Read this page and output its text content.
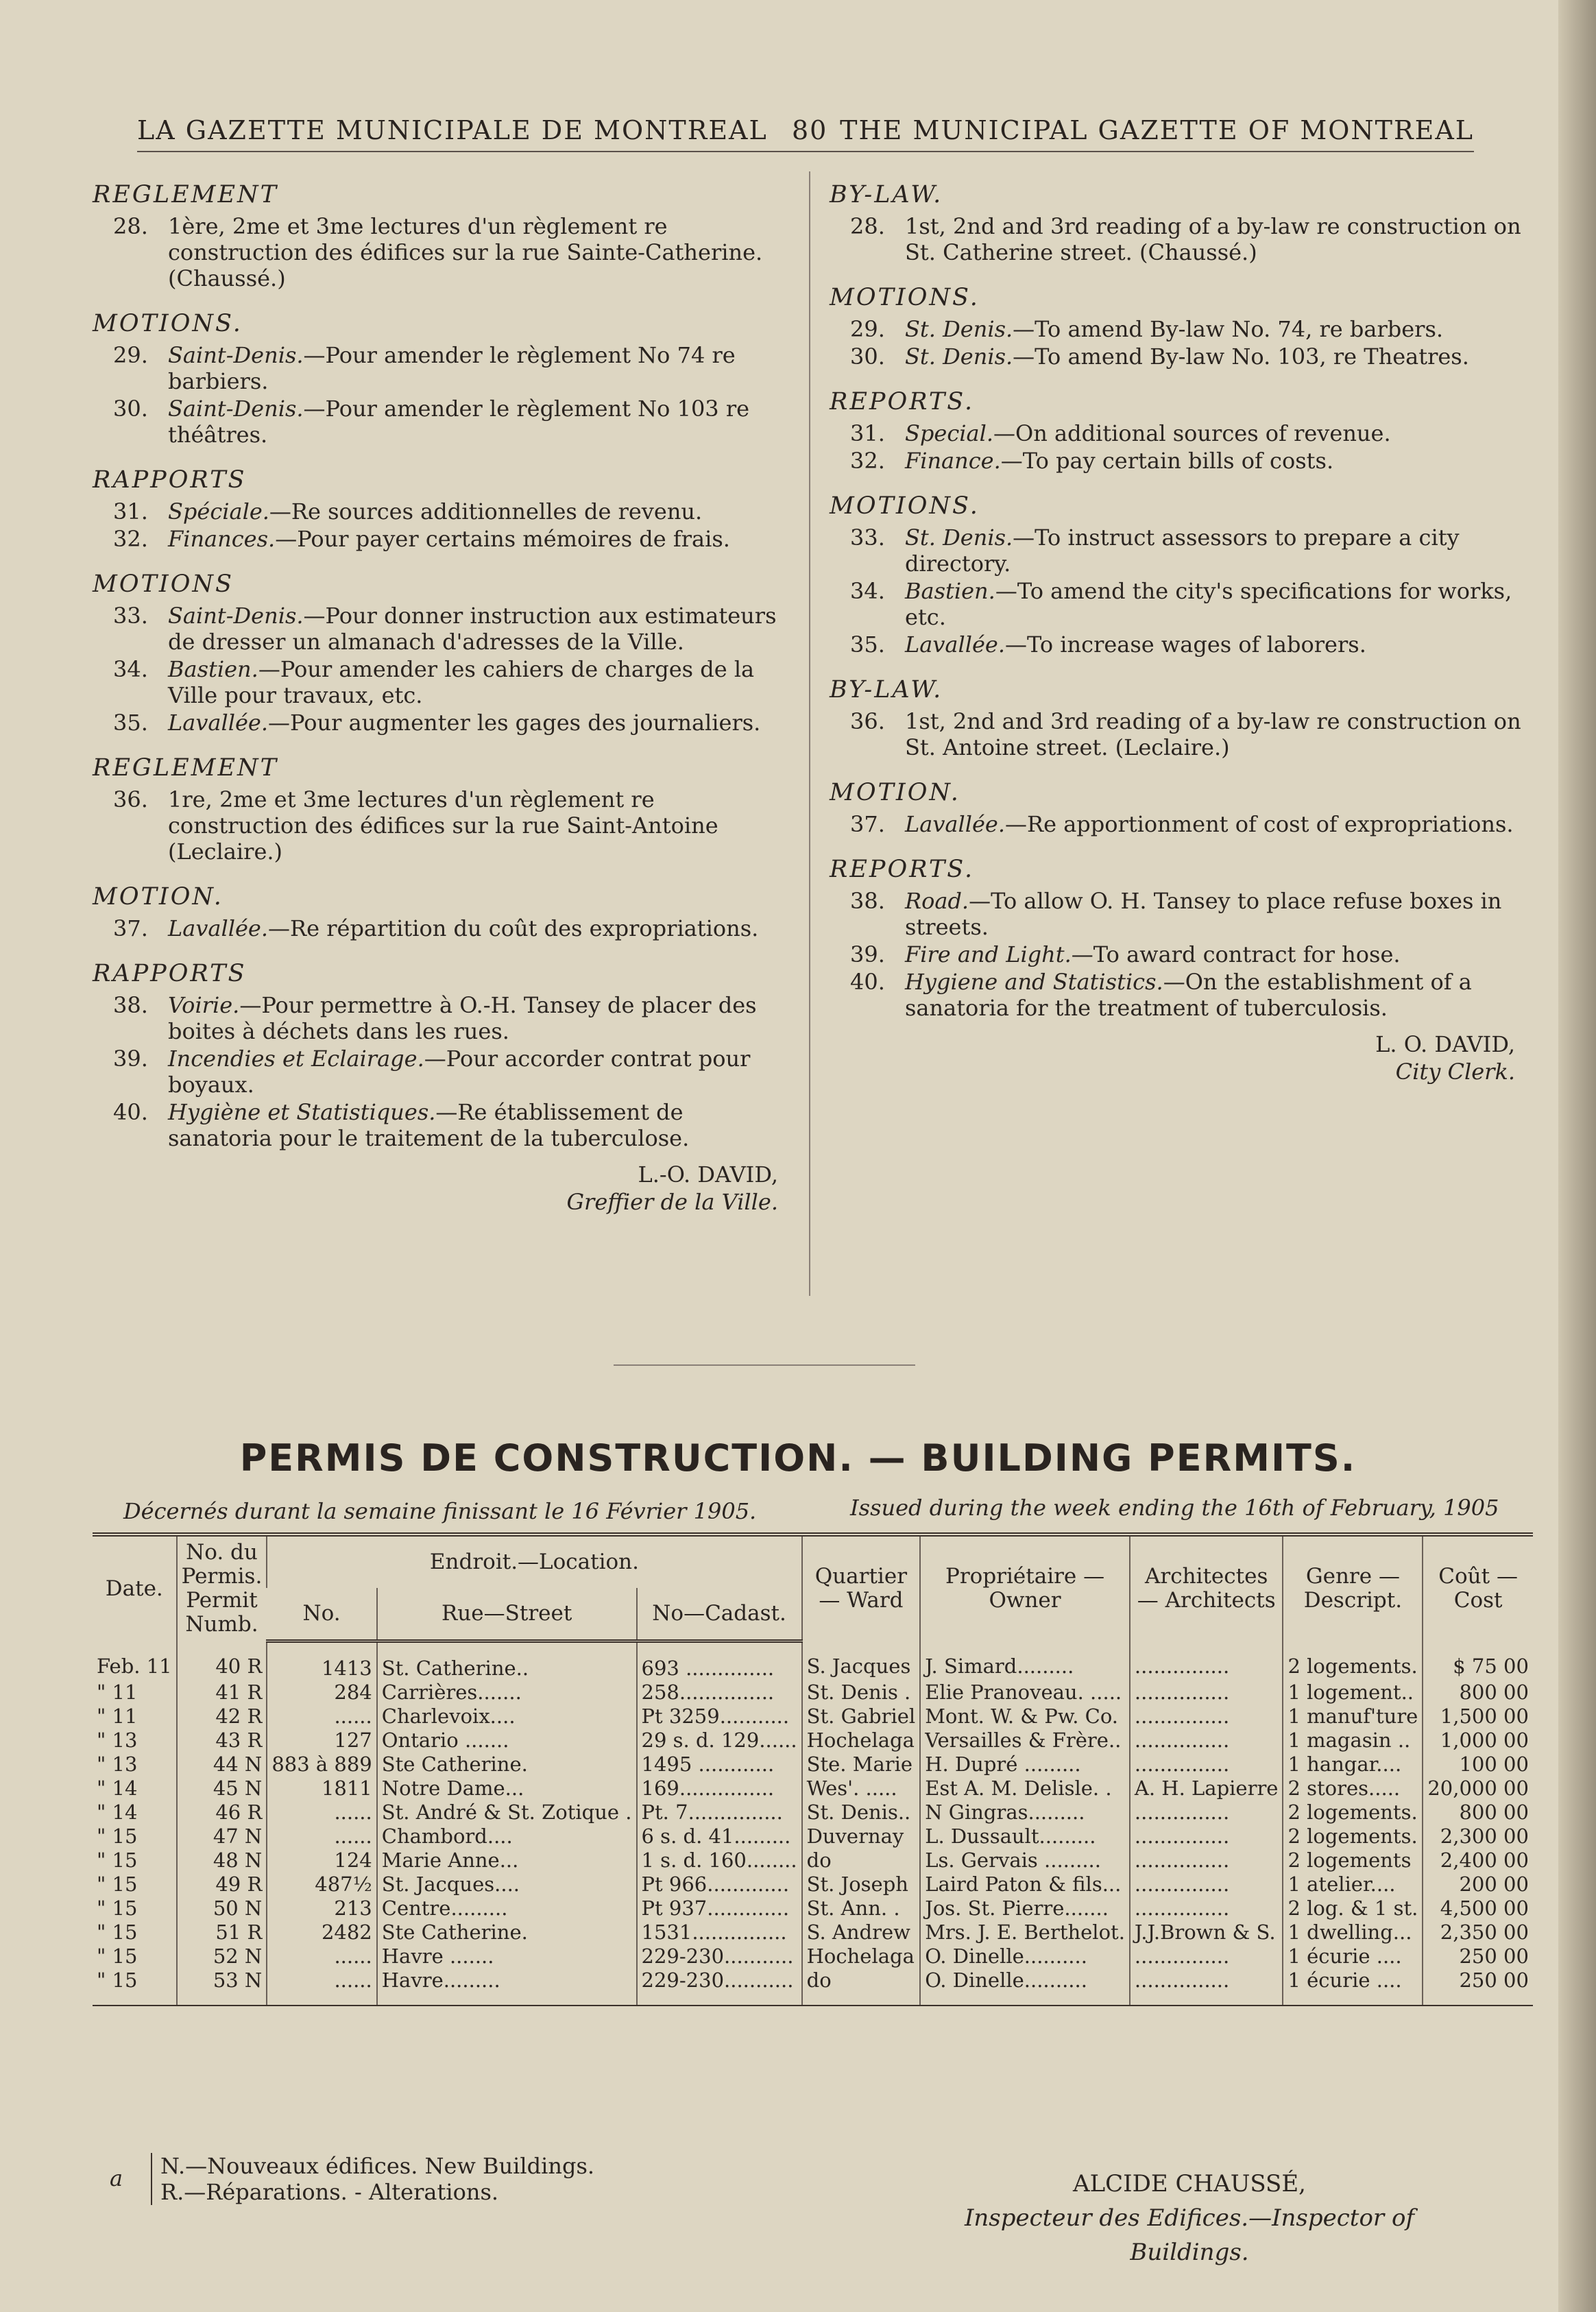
LA GAZETTE MUNICIPALE DE MONTREAL 80 THE MUNICIPAL GAZETTE OF MONTREAL
REGLEMENT
28. 1ère, 2me et 3me lectures d'un règlement re construction des édifices sur la rue Sainte-Catherine. (Chaussé.)
MOTIONS.
29. Saint-Denis.—Pour amender le règlement No 74 re barbiers.
30. Saint-Denis.—Pour amender le règlement No 103 re théâtres.
RAPPORTS
31. Spéciale.—Re sources additionnelles de revenu.
32. Finances.—Pour payer certains mémoires de frais.
MOTIONS
33. Saint-Denis.—Pour donner instruction aux estimateurs de dresser un almanach d'adresses de la Ville.
34. Bastien.—Pour amender les cahiers de charges de la Ville pour travaux, etc.
35. Lavallée.—Pour augmenter les gages des journaliers.
REGLEMENT
36. 1re, 2me et 3me lectures d'un règlement re construction des édifices sur la rue Saint-Antoine (Leclaire.)
MOTION.
37. Lavallée.—Re répartition du coût des expropriations.
RAPPORTS
38. Voirie.—Pour permettre à O.-H. Tansey de placer des boites à déchets dans les rues.
39. Incendies et Eclairage.—Pour accorder contrat pour boyaux.
40. Hygiène et Statistiques.—Re établissement de sanatoria pour le traitement de la tuberculose.
L.-O. DAVID,
Greffier de la Ville.
BY-LAW.
28. 1st, 2nd and 3rd reading of a by-law re construction on St. Catherine street. (Chaussé.)
MOTIONS.
29. St. Denis.—To amend By-law No. 74, re barbers.
30. St. Denis.—To amend By-law No. 103, re Theatres.
REPORTS.
31. Special.—On additional sources of revenue.
32. Finance.—To pay certain bills of costs.
MOTIONS.
33. St. Denis.—To instruct assessors to prepare a city directory.
34. Bastien.—To amend the city's specifications for works, etc.
35. Lavallée.—To increase wages of laborers.
BY-LAW.
36. 1st, 2nd and 3rd reading of a by-law re construction on St. Antoine street. (Leclaire.)
MOTION.
37. Lavallée.—Re apportionment of cost of expropriations.
REPORTS.
38. Road.—To allow O. H. Tansey to place refuse boxes in streets.
39. Fire and Light.—To award contract for hose.
40. Hygiene and Statistics.—On the establishment of a sanatoria for the treatment of tuberculosis.
L. O. DAVID,
City Clerk.
PERMIS DE CONSTRUCTION. — BUILDING PERMITS.
Décernés durant la semaine finissant le 16 Février 1905.	Issued during the week ending the 16th of February, 1905
Date.	No. du Permis. Permit Numb.	Endroit.—Location.			Quartier — Ward	Propriétaire — Owner	Architectes — Architects	Genre — Descript.	Coût — Cost
		No.	Rue—Street	No—Cadast.					
Feb. 11	40 R	1413	St. Catherine..	693 ..............	S. Jacques	J. Simard.........	...............	2 logements.	$ 75 00
" 11	41 R	284	Carrières.......	258...............	St. Denis .	Elie Pranoveau. .....	...............	1 logement..	800 00
" 11	42 R	......	Charlevoix....	Pt 3259...........	St. Gabriel	Mont. W. & Pw. Co.	...............	1 manuf'ture	1,500 00
" 13	43 R	127	Ontario .......	29 s. d. 129......	Hochelaga	Versailles & Frère..	...............	1 magasin ..	1,000 00
" 13	44 N	883 à 889	Ste Catherine.	1495 ............	Ste. Marie	H. Dupré .........	...............	1 hangar....	100 00
" 14	45 N	1811	Notre Dame...	169...............	Wes'. .....	Est A. M. Delisle. .	A. H. Lapierre	2 stores.....	20,000 00
" 14	46 R	......	St. André & St. Zotique .	Pt. 7...............	St. Denis..	N Gingras.........	...............	2 logements.	800 00
" 15	47 N	......	Chambord....	6 s. d. 41.........	Duvernay	L. Dussault.........	...............	2 logements.	2,300 00
" 15	48 N	124	Marie Anne...	1 s. d. 160........	do	Ls. Gervais .........	...............	2 logements	2,400 00
" 15	49 R	487½	St. Jacques....	Pt 966.............	St. Joseph	Laird Paton & fils...	...............	1 atelier....	200 00
" 15	50 N	213	Centre.........	Pt 937.............	St. Ann. .	Jos. St. Pierre.......	...............	2 log. & 1 st.	4,500 00
" 15	51 R	2482	Ste Catherine.	1531...............	S. Andrew	Mrs. J. E. Berthelot.	J.J.Brown & S.	1 dwelling...	2,350 00
" 15	52 N	......	Havre .......	229-230...........	Hochelaga	O. Dinelle..........	...............	1 écurie ....	250 00
" 15	53 N	......	Havre.........	229-230...........	do	O. Dinelle..........	...............	1 écurie ....	250 00
a N.—Nouveaux édifices. New Buildings.
R.—Réparations. - Alterations.	ALCIDE CHAUSSÉ,
Inspecteur des Edifices.—Inspector of Buildings.
